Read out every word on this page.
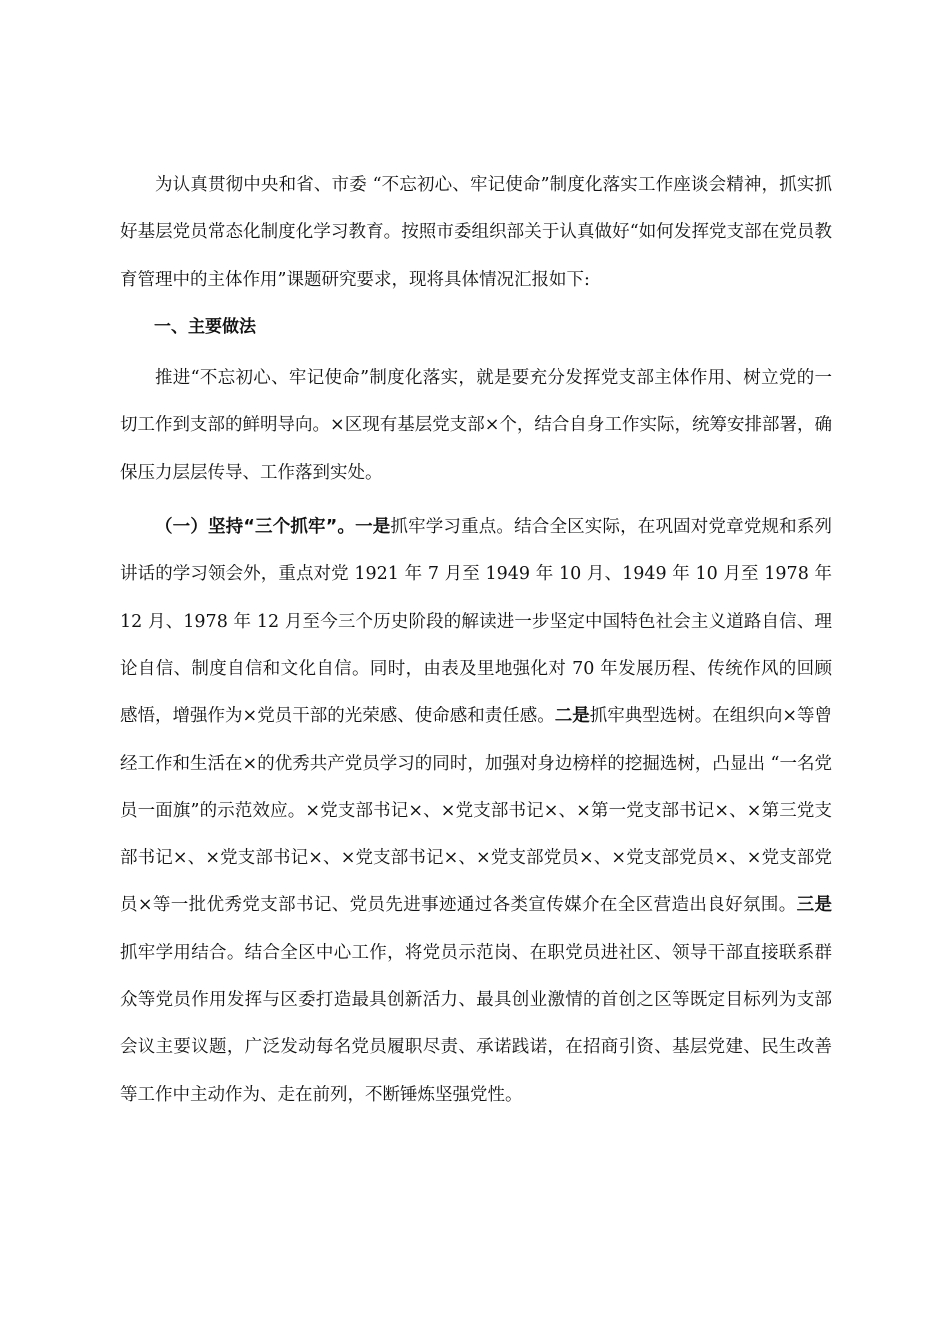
为认真贯彻中央和省、市委 “不忘初心、牢记使命”制度化落实工作座谈会精神，抓实抓好基层党员常态化制度化学习教育。按照市委组织部关于认真做好“如何发挥党支部在党员教育管理中的主体作用”课题研究要求，现将具体情况汇报如下:

一、主要做法

推进“不忘初心、牢记使命”制度化落实，就是要充分发挥党支部主体作用、树立党的一切工作到支部的鲜明导向。×区现有基层党支部×个，结合自身工作实际，统筹安排部署，确保压力层层传导、工作落到实处。

（一）坚持“三个抓牢”。一是抓牢学习重点。结合全区实际，在巩固对党章党规和系列讲话的学习领会外，重点对党 1921 年 7 月至 1949 年 10 月、1949 年 10 月至 1978 年 12 月、1978 年 12 月至今三个历史阶段的解读进一步坚定中国特色社会主义道路自信、理论自信、制度自信和文化自信。同时，由表及里地强化对 70 年发展历程、传统作风的回顾感悟，增强作为×党员干部的光荣感、使命感和责任感。二是抓牢典型选树。在组织向×等曾经工作和生活在×的优秀共产党员学习的同时，加强对身边榜样的挖掘选树，凸显出 “一名党员一面旗”的示范效应。×党支部书记×、×党支部书记×、×第一党支部书记×、×第三党支部书记×、×党支部书记×、×党支部书记×、×党支部党员×、×党支部党员×、×党支部党员×等一批优秀党支部书记、党员先进事迹通过各类宣传媒介在全区营造出良好氛围。三是抓牢学用结合。结合全区中心工作，将党员示范岗、在职党员进社区、领导干部直接联系群众等党员作用发挥与区委打造最具创新活力、最具创业激情的首创之区等既定目标列为支部会议主要议题，广泛发动每名党员履职尽责、承诺践诺，在招商引资、基层党建、民生改善等工作中主动作为、走在前列，不断锤炼坚强党性。
